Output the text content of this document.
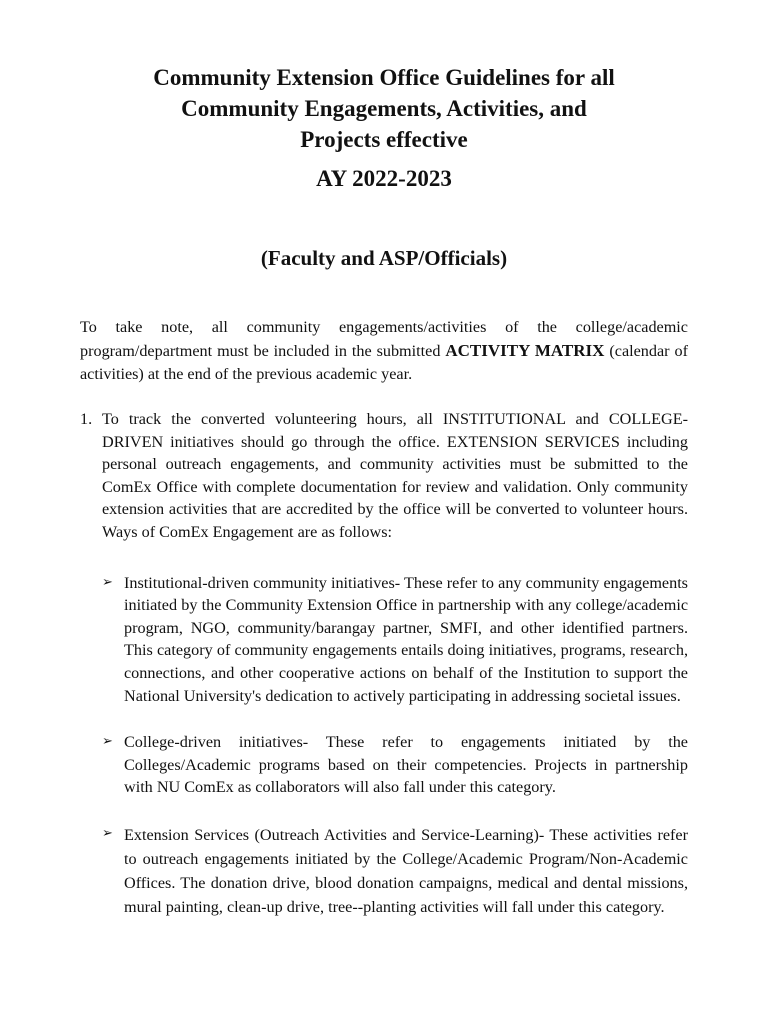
Community Extension Office Guidelines for all
Community Engagements, Activities, and
Projects effective
AY 2022-2023
(Faculty and ASP/Officials)

To take note, all community engagements/activities of the college/academic program/department must be included in the submitted ACTIVITY MATRIX (calendar of activities) at the end of the previous academic year.

1. To track the converted volunteering hours, all INSTITUTIONAL and COLLEGE-DRIVEN initiatives should go through the office. EXTENSION SERVICES including personal outreach engagements, and community activities must be submitted to the ComEx Office with complete documentation for review and validation. Only community extension activities that are accredited by the office will be converted to volunteer hours. Ways of ComEx Engagement are as follows:
➢ Institutional-driven community initiatives- These refer to any community engagements initiated by the Community Extension Office in partnership with any college/academic program, NGO, community/barangay partner, SMFI, and other identified partners. This category of community engagements entails doing initiatives, programs, research, connections, and other cooperative actions on behalf of the Institution to support the National University's dedication to actively participating in addressing societal issues.
➢ College-driven initiatives- These refer to engagements initiated by the Colleges/Academic programs based on their competencies. Projects in partnership with NU ComEx as collaborators will also fall under this category.
➢ Extension Services (Outreach Activities and Service-Learning)- These activities refer to outreach engagements initiated by the College/Academic Program/Non-Academic Offices. The donation drive, blood donation campaigns, medical and dental missions, mural painting, clean-up drive, tree--planting activities will fall under this category.
